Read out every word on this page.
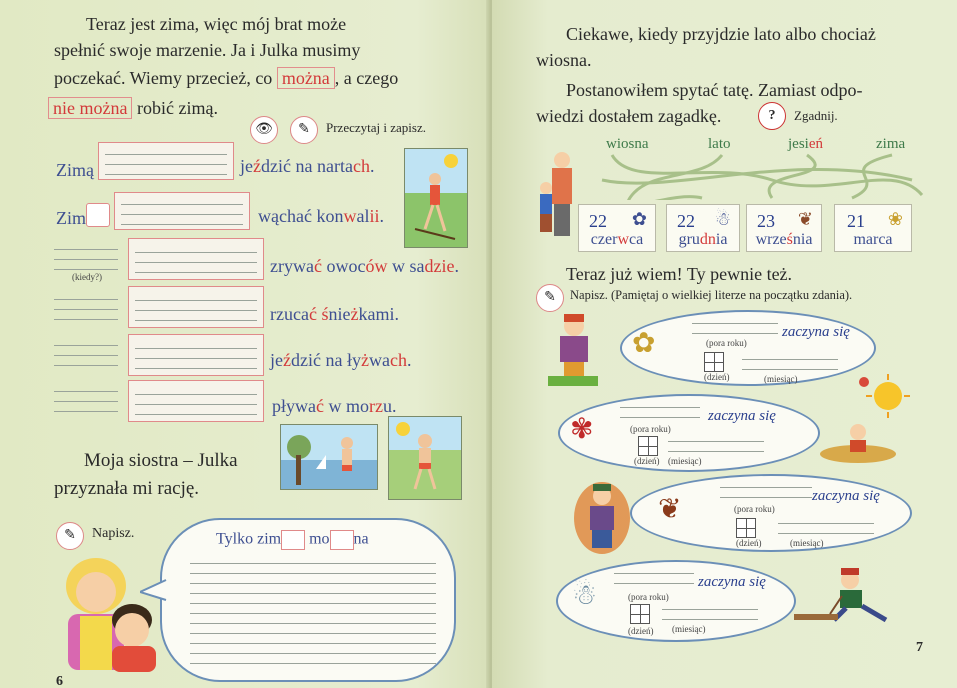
Teraz jest zima, więc mój brat może
spełnić swoje marzenie. Ja i Julka musimy
poczekać. Wiemy przecież, co można , a czego
nie można robić zimą.
👁	✎	Przeczytaj i zapisz.
Zimą	jeździć na nartach.
Zim	wąchać konwalii.
(kiedy?)
zrywać owoców w sadzie.
rzucać śnieżkami.
jeździć na łyżwach.
pływać w morzu.
Moja siostra – Julka
przyznała mi rację.
✎	Napisz.	Tylko zim mo na
6
Ciekawe, kiedy przyjdzie lato albo chociaż
wiosna.
Postanowiłem spytać tatę. Zamiast odpo-
wiedzi dostałem zagadkę.	?	Zgadnij.
wiosna	lato	jesień	zima
22 ✿
czerwca
22 ☃
grudnia
23 ❦
września
21 ❀
marca
Teraz już wiem! Ty pewnie też.
✎	Napisz. (Pamiętaj o wielkiej literze na początku zdania).
✿	(pora roku)
zaczyna się
(dzień)	(miesiąc)
✾	(pora roku)
zaczyna się
(dzień) (miesiąc)
❦	(pora roku)
zaczyna się
(dzień)	(miesiąc)
☃	(pora roku)
zaczyna się
(dzień) (miesiąc)
7
